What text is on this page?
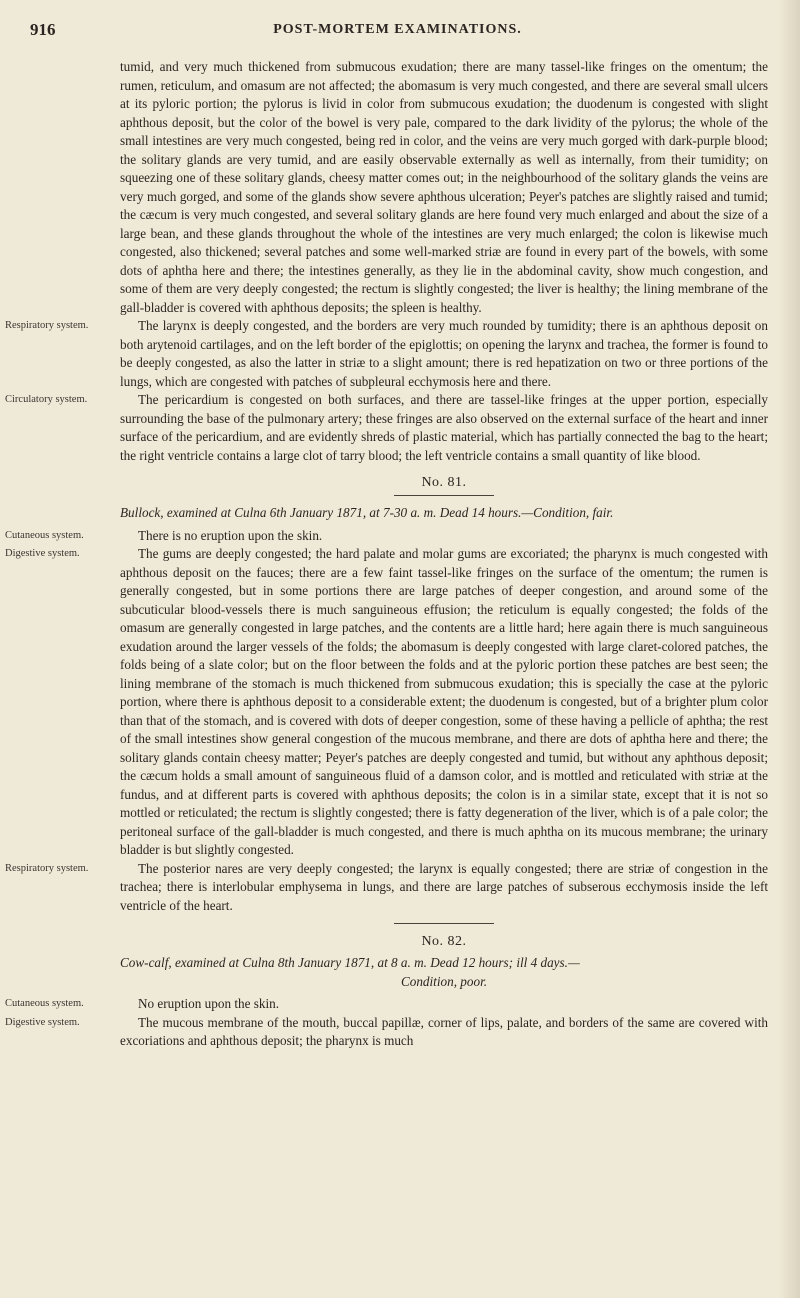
916	POST-MORTEM EXAMINATIONS.

tumid, and very much thickened from submucous exudation; there are many tassel-like fringes on the omentum; the rumen, reticulum, and omasum are not affected; the abomasum is very much congested, and there are several small ulcers at its pyloric portion; the pylorus is livid in color from submucous exudation; the duodenum is congested with slight aphthous deposit, but the color of the bowel is very pale, compared to the dark lividity of the pylorus; the whole of the small intestines are very much congested, being red in color, and the veins are very much gorged with dark-purple blood; the solitary glands are very tumid, and are easily observable externally as well as internally, from their tumidity; on squeezing one of these solitary glands, cheesy matter comes out; in the neighbourhood of the solitary glands the veins are very much gorged, and some of the glands show severe aphthous ulceration; Peyer's patches are slightly raised and tumid; the cæcum is very much congested, and several solitary glands are here found very much enlarged and about the size of a large bean, and these glands throughout the whole of the intestines are very much enlarged; the colon is likewise much congested, also thickened; several patches and some well-marked striæ are found in every part of the bowels, with some dots of aphtha here and there; the intestines generally, as they lie in the abdominal cavity, show much congestion, and some of them are very deeply congested; the rectum is slightly congested; the liver is healthy; the lining membrane of the gall-bladder is covered with aphthous deposits; the spleen is healthy.

Respiratory system.	The larynx is deeply congested, and the borders are very much rounded by tumidity; there is an aphthous deposit on both arytenoid cartilages, and on the left border of the epiglottis; on opening the larynx and trachea, the former is found to be deeply congested, as also the latter in striæ to a slight amount; there is red hepatization on two or three portions of the lungs, which are congested with patches of subpleural ecchymosis here and there.

Circulatory system.	The pericardium is congested on both surfaces, and there are tassel-like fringes at the upper portion, especially surrounding the base of the pulmonary artery; these fringes are also observed on the external surface of the heart and inner surface of the pericardium, and are evidently shreds of plastic material, which has partially connected the bag to the heart; the right ventricle contains a large clot of tarry blood; the left ventricle contains a small quantity of like blood.

No. 81.

Bullock, examined at Culna 6th January 1871, at 7-30 a. m. Dead 14 hours.—Condition, fair.

Cutaneous system.	There is no eruption upon the skin.

Digestive system.	The gums are deeply congested; the hard palate and molar gums are excoriated; the pharynx is much congested with aphthous deposit on the fauces; there are a few faint tassel-like fringes on the surface of the omentum; the rumen is generally congested, but in some portions there are large patches of deeper congestion, and around some of the subcuticular blood-vessels there is much sanguineous effusion; the reticulum is equally congested; the folds of the omasum are generally congested in large patches, and the contents are a little hard; here again there is much sanguineous exudation around the larger vessels of the folds; the abomasum is deeply congested with large claret-colored patches, the folds being of a slate color; but on the floor between the folds and at the pyloric portion these patches are best seen; the lining membrane of the stomach is much thickened from submucous exudation; this is specially the case at the pyloric portion, where there is aphthous deposit to a considerable extent; the duodenum is congested, but of a brighter plum color than that of the stomach, and is covered with dots of deeper congestion, some of these having a pellicle of aphtha; the rest of the small intestines show general congestion of the mucous membrane, and there are dots of aphtha here and there; the solitary glands contain cheesy matter; Peyer's patches are deeply congested and tumid, but without any aphthous deposit; the cæcum holds a small amount of sanguineous fluid of a damson color, and is mottled and reticulated with striæ at the fundus, and at different parts is covered with aphthous deposits; the colon is in a similar state, except that it is not so mottled or reticulated; the rectum is slightly congested; there is fatty degeneration of the liver, which is of a pale color; the peritoneal surface of the gall-bladder is much congested, and there is much aphtha on its mucous membrane; the urinary bladder is but slightly congested.

Respiratory system.	The posterior nares are very deeply congested; the larynx is equally congested; there are striæ of congestion in the trachea; there is interlobular emphysema in lungs, and there are large patches of subserous ecchymosis inside the left ventricle of the heart.

No. 82.

Cow-calf, examined at Culna 8th January 1871, at 8 a. m. Dead 12 hours; ill 4 days.—
Condition, poor.

Cutaneous system.	No eruption upon the skin.

Digestive system.	The mucous membrane of the mouth, buccal papillæ, corner of lips, palate, and borders of the same are covered with excoriations and aphthous deposit; the pharynx is much
